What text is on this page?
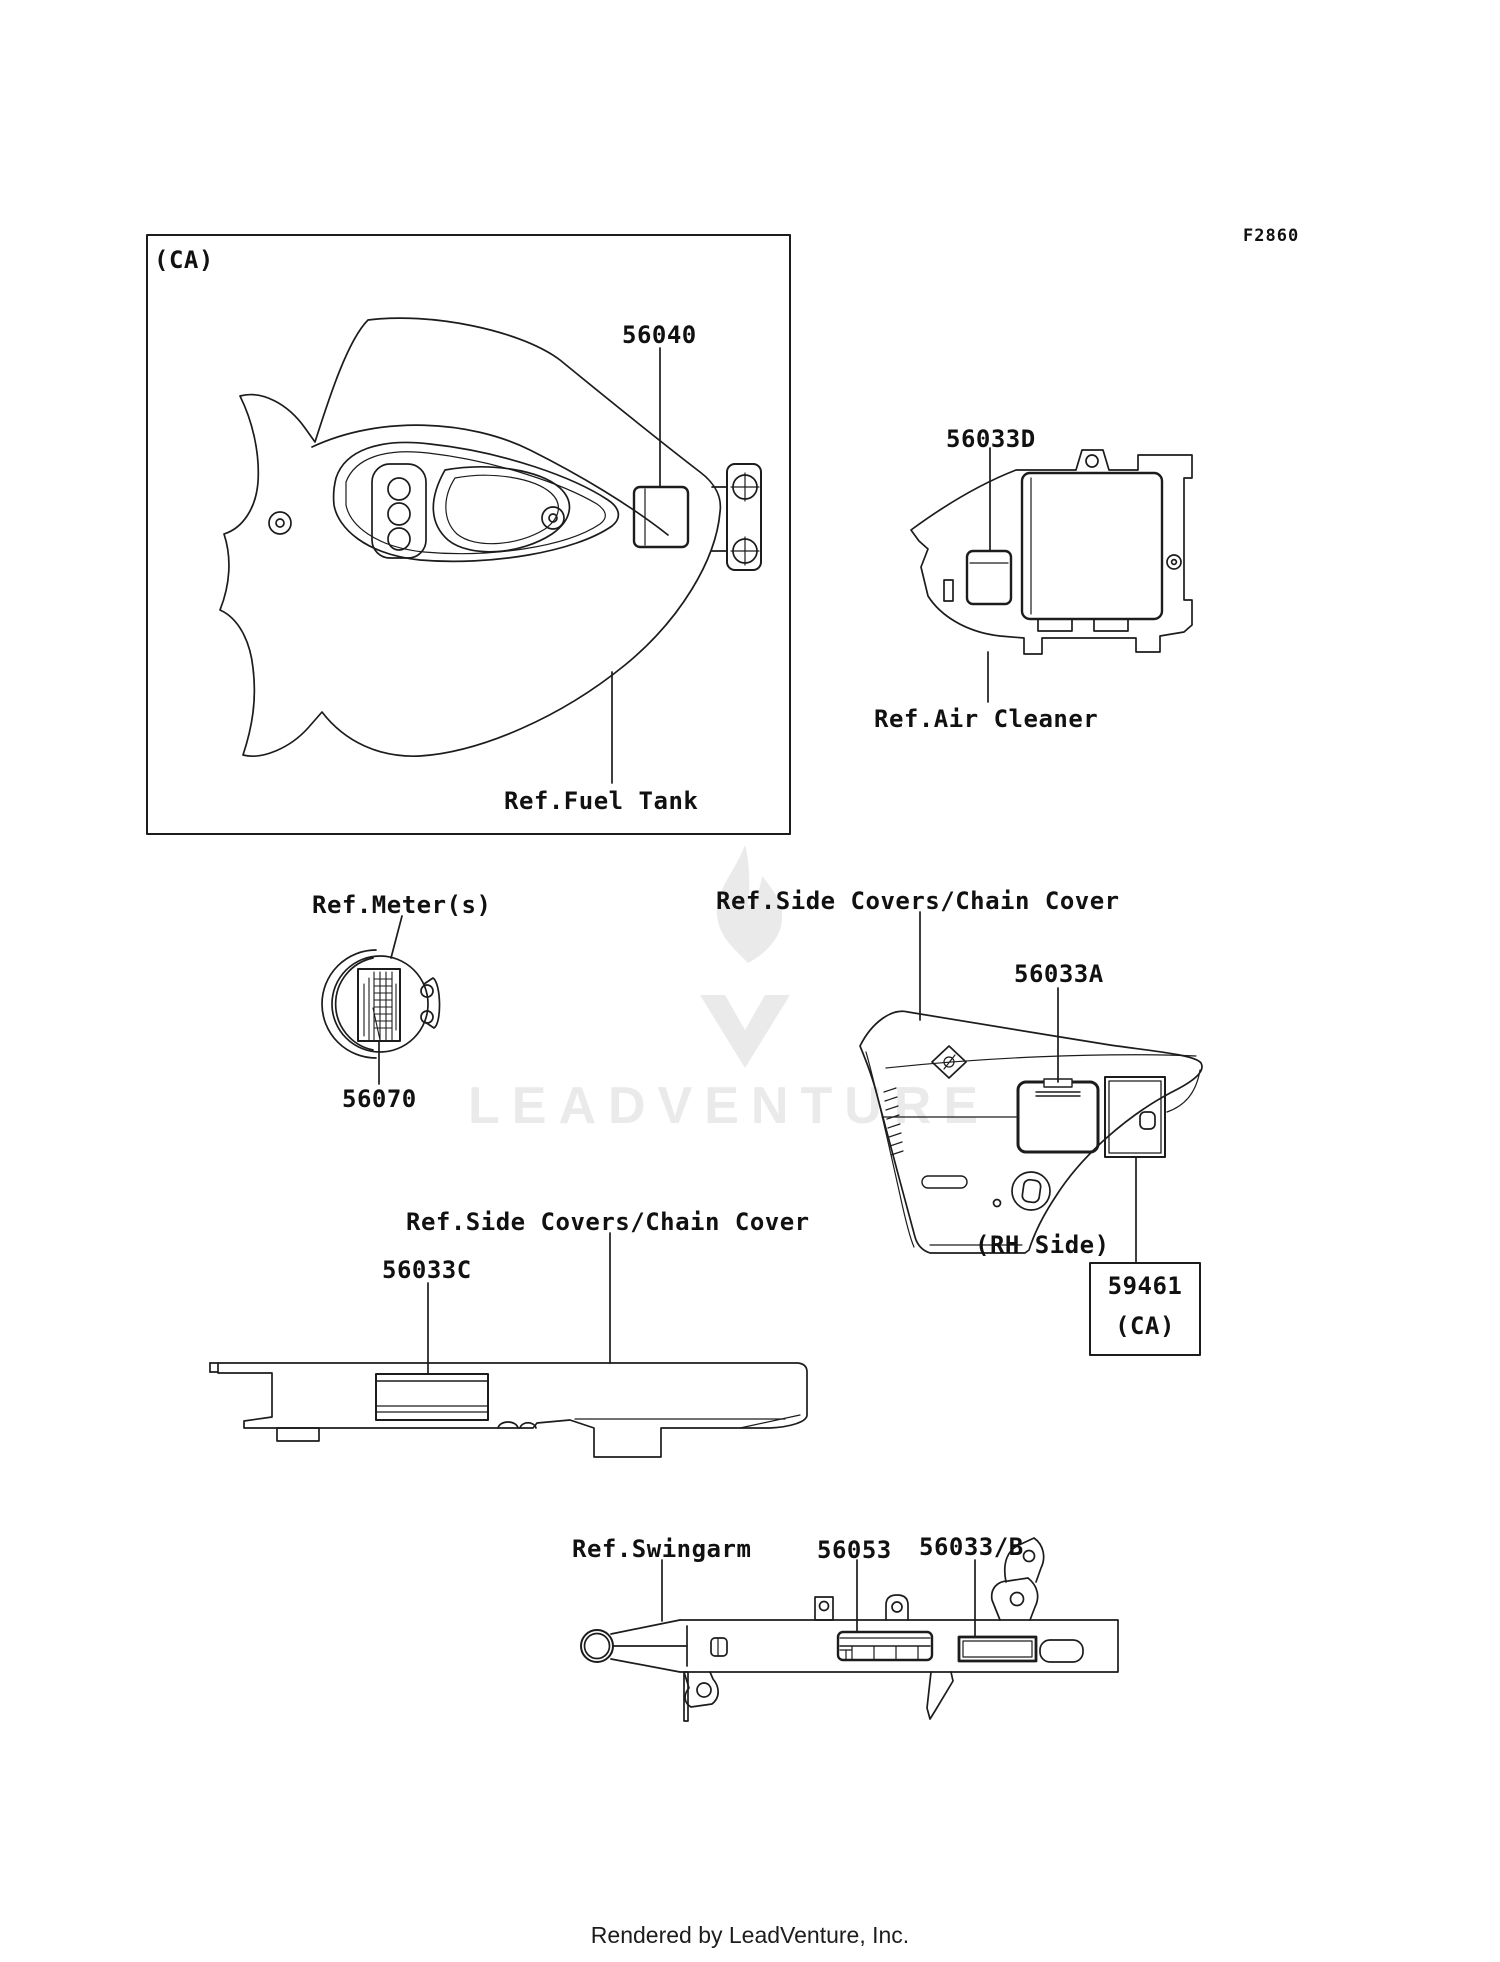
LEADVENTURE
F2860
(CA)
56040
Ref.Fuel Tank
56033D
Ref.Air Cleaner
Ref.Meter(s)
56070
Ref.Side Covers/Chain Cover
56033A
(RH Side)
59461
(CA)
Ref.Side Covers/Chain Cover
56033C
Ref.Swingarm	56053 56033/B
Rendered by LeadVenture, Inc.
